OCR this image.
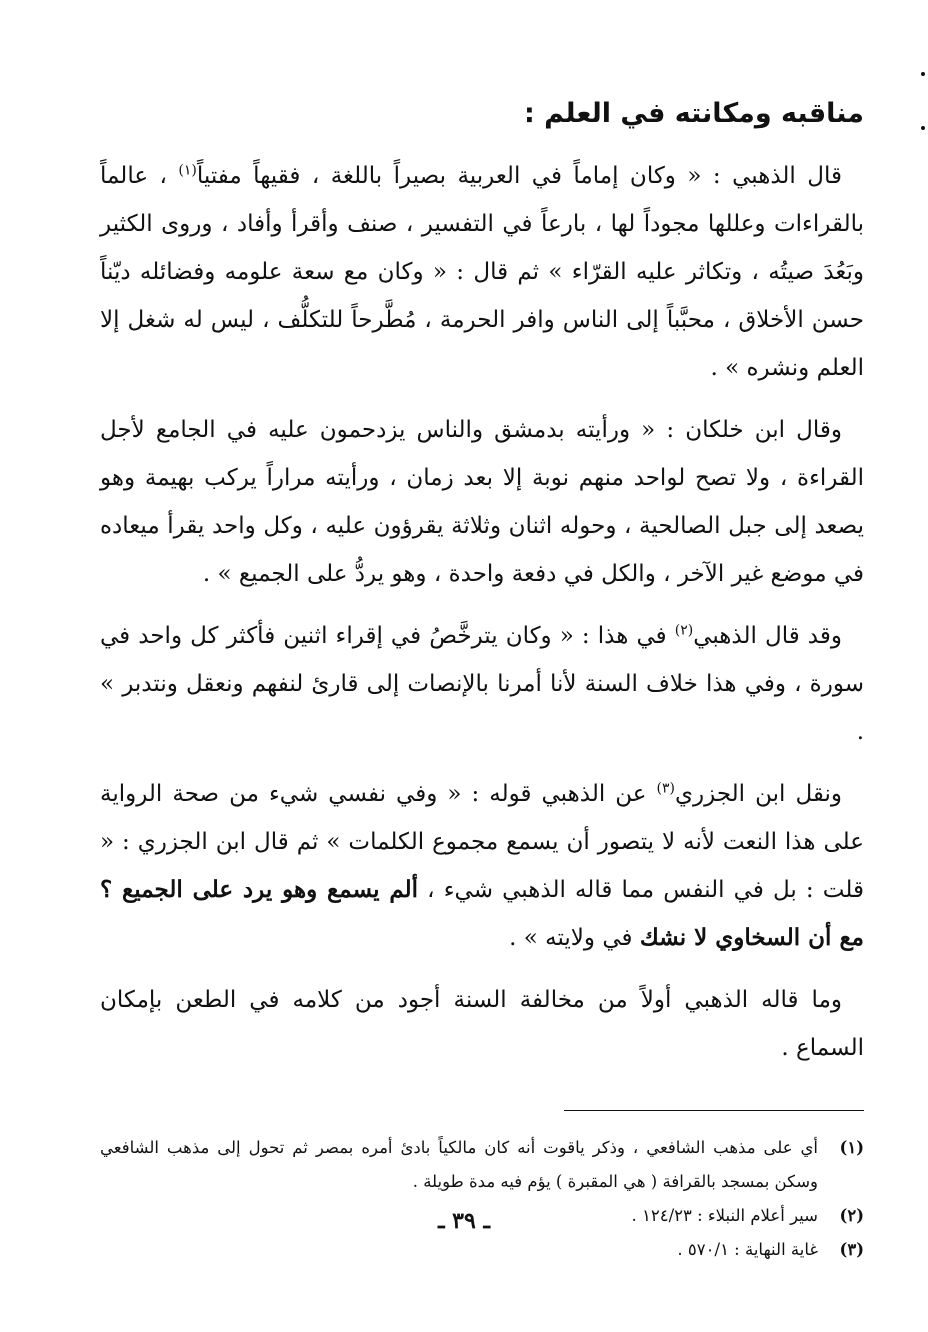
مناقبه ومكانته في العلم :

قال الذهبي : « وكان إماماً في العربية بصيراً باللغة ، فقيهاً مفتياً$^{(١)}$ ، عالماً بالقراءات وعللها مجوداً لها ، بارعاً في التفسير ، صنف وأقرأ وأفاد ، وروى الكثير وبَعُدَ صيتُه ، وتكاثر عليه القرّاء » ثم قال : « وكان مع سعة علومه وفضائله ديّناً حسن الأخلاق ، محبَّباً إلى الناس وافر الحرمة ، مُطَّرحاً للتكلُّف ، ليس له شغل إلا العلم ونشره » .

وقال ابن خلكان : « ورأيته بدمشق والناس يزدحمون عليه في الجامع لأجل القراءة ، ولا تصح لواحد منهم نوبة إلا بعد زمان ، ورأيته مراراً يركب بهيمة وهو يصعد إلى جبل الصالحية ، وحوله اثنان وثلاثة يقرؤون عليه ، وكل واحد يقرأ ميعاده في موضع غير الآخر ، والكل في دفعة واحدة ، وهو يردُّ على الجميع » .

وقد قال الذهبي$^{(٢)}$ في هذا : « وكان يترخَّصُ في إقراء اثنين فأكثر كل واحد في سورة ، وفي هذا خلاف السنة لأنا أمرنا بالإنصات إلى قارئ لنفهم ونعقل ونتدبر » .

ونقل ابن الجزري$^{(٣)}$ عن الذهبي قوله : « وفي نفسي شيء من صحة الرواية على هذا النعت لأنه لا يتصور أن يسمع مجموع الكلمات » ثم قال ابن الجزري : « قلت : بل في النفس مما قاله الذهبي شيء ، ألم يسمع وهو يرد على الجميع ؟ مع أن السخاوي لا نشك في ولايته » .

وما قاله الذهبي أولاً من مخالفة السنة أجود من كلامه في الطعن بإمكان السماع .

(١)
أي على مذهب الشافعي ، وذكر ياقوت أنه كان مالكياً بادئ أمره بمصر ثم تحول إلى مذهب الشافعي وسكن بمسجد بالقرافة ( هي المقبرة ) يؤم فيه مدة طويلة .
(٢)
سير أعلام النبلاء : ١٢٤/٢٣ .
(٣)
غاية النهاية : ٥٧٠/١ .
ـ ٣٩ ـ
